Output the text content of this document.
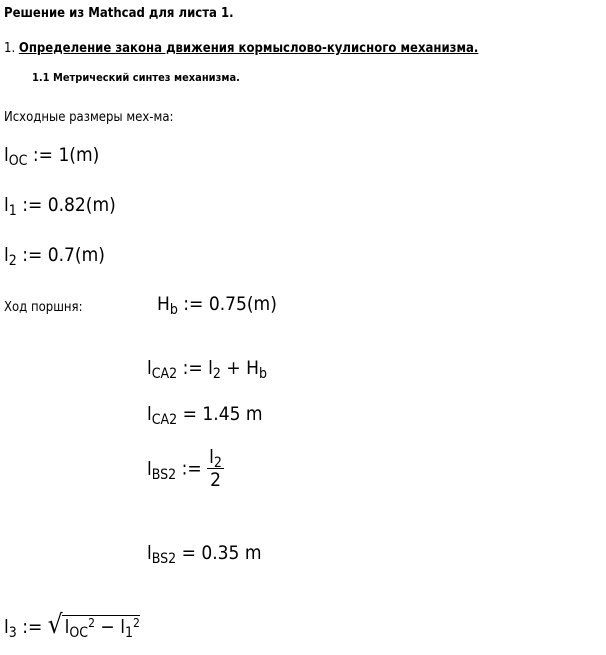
Решение из Mathcad для листа 1.
1. Определение закона движения кормыслово-кулисного механизма.
1.1 Метрический синтез механизма.
Исходные размеры мех-ма:
$l_{OC}$ := 1(m)
$l_1$ := 0.82(m)
$l_2$ := 0.7(m)
Ход поршня:	$H_b$ := 0.75(m)
$l_{CA2}$ := $l_2 + H_b$
$l_{CA2} = 1.45$ m
$l_{BS2}$ := $\frac{l_2}{2}$
$l_{BS2} = 0.35$ m
$l_3$ := √ $l_{OC}^2 - l_1^2$
